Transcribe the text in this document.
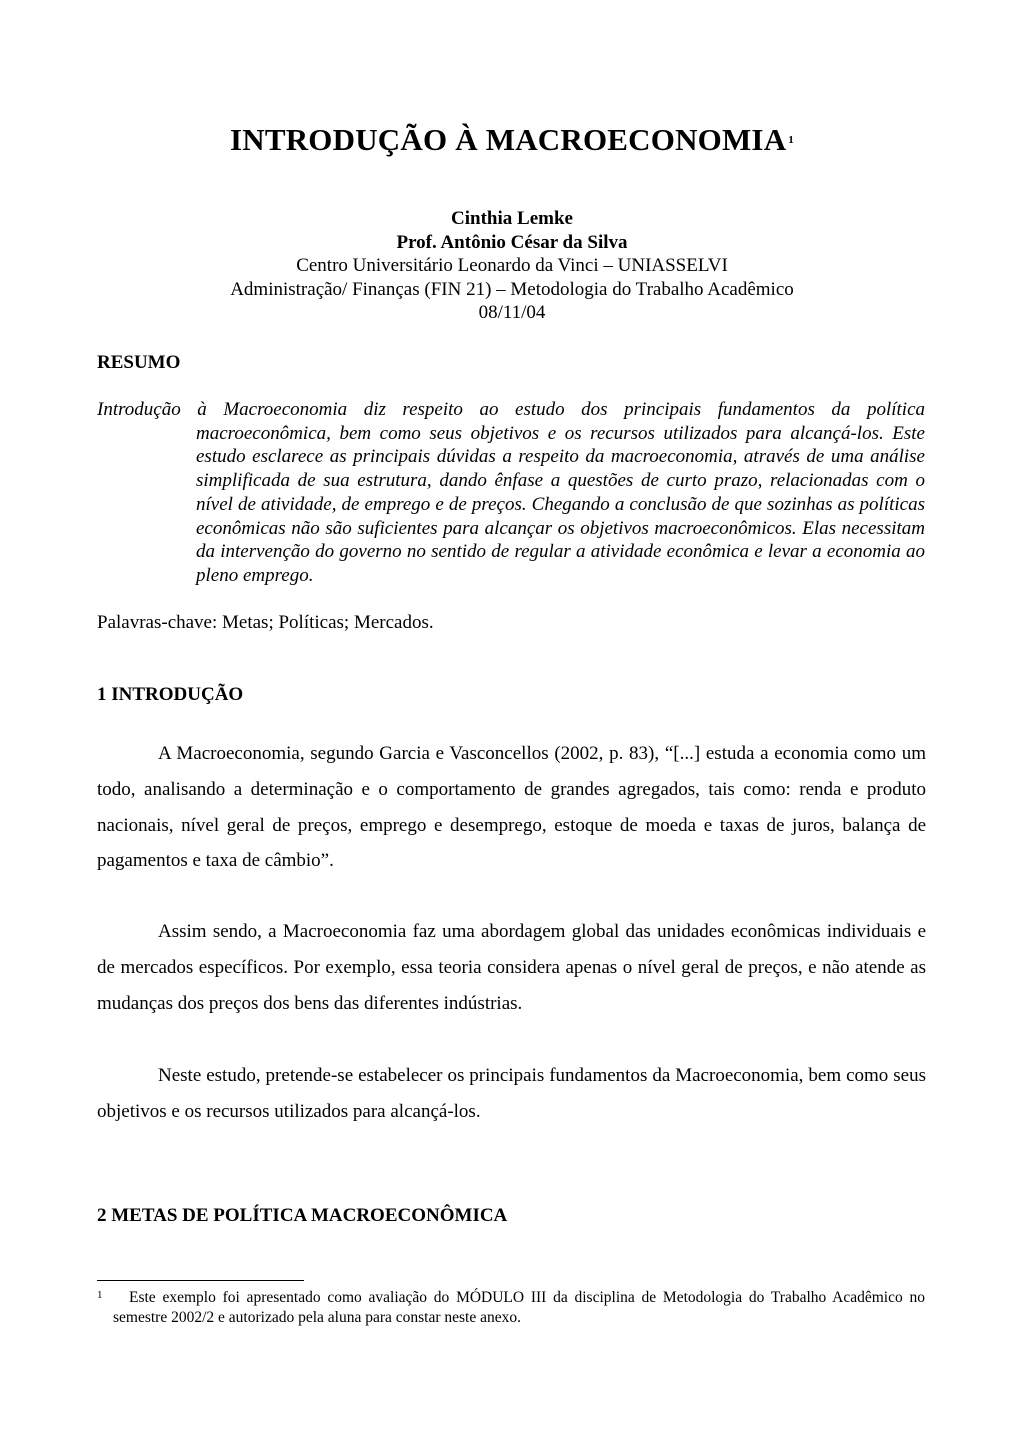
INTRODUÇÃO À MACROECONOMIA $^1$
Cinthia Lemke
Prof. Antônio César da Silva
Centro Universitário Leonardo da Vinci – UNIASSELVI
Administração/ Finanças (FIN 21) – Metodologia do Trabalho Acadêmico
08/11/04
RESUMO
Introdução à Macroeconomia diz respeito ao estudo dos principais fundamentos da política macroeconômica, bem como seus objetivos e os recursos utilizados para alcançá-los. Este estudo esclarece as principais dúvidas a respeito da macroeconomia, através de uma análise simplificada de sua estrutura, dando ênfase a questões de curto prazo, relacionadas com o nível de atividade, de emprego e de preços. Chegando a conclusão de que sozinhas as políticas econômicas não são suficientes para alcançar os objetivos macroeconômicos. Elas necessitam da intervenção do governo no sentido de regular a atividade econômica e levar a economia ao pleno emprego.
Palavras-chave: Metas; Políticas; Mercados.
1 INTRODUÇÃO
A Macroeconomia, segundo Garcia e Vasconcellos (2002, p. 83), “[...] estuda a economia como um todo, analisando a determinação e o comportamento de grandes agregados, tais como: renda e produto nacionais, nível geral de preços, emprego e desemprego, estoque de moeda e taxas de juros, balança de pagamentos e taxa de câmbio”.
Assim sendo, a Macroeconomia faz uma abordagem global das unidades econômicas individuais e de mercados específicos. Por exemplo, essa teoria considera apenas o nível geral de preços, e não atende as mudanças dos preços dos bens das diferentes indústrias.
Neste estudo, pretende-se estabelecer os principais fundamentos da Macroeconomia, bem como seus objetivos e os recursos utilizados para alcançá-los.
2 METAS DE POLÍTICA MACROECONÔMICA
1	Este exemplo foi apresentado como avaliação do MÓDULO III da disciplina de Metodologia do Trabalho Acadêmico no semestre 2002/2 e autorizado pela aluna para constar neste anexo.
